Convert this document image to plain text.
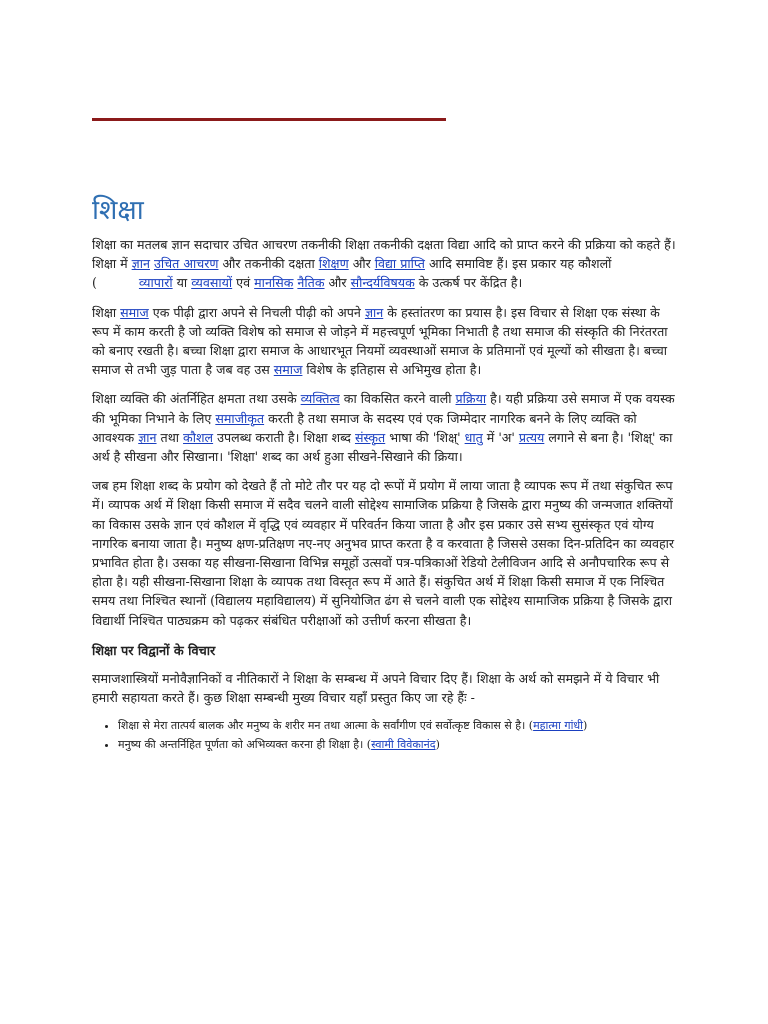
शिक्षा

शिक्षा का मतलब ज्ञान सदाचार उचित आचरण तकनीकी शिक्षा तकनीकी दक्षता विद्या आदि को प्राप्त करने की प्रक्रिया को कहते हैं। शिक्षा में ज्ञान उचित आचरण और तकनीकी दक्षता शिक्षण और विद्या प्राप्ति आदि समाविष्ट हैं। इस प्रकार यह कौशलों
(	व्यापारों या व्यवसायों एवं मानसिक नैतिक और सौन्दर्यविषयक के उत्कर्ष पर केंद्रित है।

शिक्षा समाज एक पीढ़ी द्वारा अपने से निचली पीढ़ी को अपने ज्ञान के हस्तांतरण का प्रयास है। इस विचार से शिक्षा एक संस्था के रूप में काम करती है जो व्यक्ति विशेष को समाज से जोड़ने में महत्त्वपूर्ण भूमिका निभाती है तथा समाज की संस्कृति की निरंतरता को बनाए रखती है। बच्चा शिक्षा द्वारा समाज के आधारभूत नियमों व्यवस्थाओं समाज के प्रतिमानों एवं मूल्यों को सीखता है। बच्चा समाज से तभी जुड़ पाता है जब वह उस समाज विशेष के इतिहास से अभिमुख होता है।

शिक्षा व्यक्ति की अंतर्निहित क्षमता तथा उसके व्यक्तित्व का विकसित करने वाली प्रक्रिया है। यही प्रक्रिया उसे समाज में एक वयस्क की भूमिका निभाने के लिए समाजीकृत करती है तथा समाज के सदस्य एवं एक जिम्मेदार नागरिक बनने के लिए व्यक्ति को आवश्यक ज्ञान तथा कौशल उपलब्ध कराती है। शिक्षा शब्द संस्कृत भाषा की 'शिक्ष्' धातु में 'अ' प्रत्यय लगाने से बना है। 'शिक्ष्' का अर्थ है सीखना और सिखाना। 'शिक्षा' शब्द का अर्थ हुआ सीखने-सिखाने की क्रिया।

जब हम शिक्षा शब्द के प्रयोग को देखते हैं तो मोटे तौर पर यह दो रूपों में प्रयोग में लाया जाता है व्यापक रूप में तथा संकुचित रूप में। व्यापक अर्थ में शिक्षा किसी समाज में सदैव चलने वाली सोद्देश्य सामाजिक प्रक्रिया है जिसके द्वारा मनुष्य की जन्मजात शक्तियों का विकास उसके ज्ञान एवं कौशल में वृद्धि एवं व्यवहार में परिवर्तन किया जाता है और इस प्रकार उसे सभ्य सुसंस्कृत एवं योग्य नागरिक बनाया जाता है। मनुष्य क्षण-प्रतिक्षण नए-नए अनुभव प्राप्त करता है व करवाता है जिससे उसका दिन-प्रतिदिन का व्यवहार प्रभावित होता है। उसका यह सीखना-सिखाना विभिन्न समूहों उत्सवों पत्र-पत्रिकाओं रेडियो टेलीविजन आदि से अनौपचारिक रूप से होता है। यही सीखना-सिखाना शिक्षा के व्यापक तथा विस्तृत रूप में आते हैं। संकुचित अर्थ में शिक्षा किसी समाज में एक निश्चित समय तथा निश्चित स्थानों (विद्यालय महाविद्यालय) में सुनियोजित ढंग से चलने वाली एक सोद्देश्य सामाजिक प्रक्रिया है जिसके द्वारा विद्यार्थी निश्चित पाठ्यक्रम को पढ़कर संबंधित परीक्षाओं को उत्तीर्ण करना सीखता है।

शिक्षा पर विद्वानों के विचार

समाजशास्त्रियों मनोवैज्ञानिकों व नीतिकारों ने शिक्षा के सम्बन्ध में अपने विचार दिए हैं। शिक्षा के अर्थ को समझने में ये विचार भी हमारी सहायता करते हैं। कुछ शिक्षा सम्बन्धी मुख्य विचार यहाँ प्रस्तुत किए जा रहे हैंः -

• शिक्षा से मेरा तात्पर्य बालक और मनुष्य के शरीर मन तथा आत्मा के सर्वांगीण एवं सर्वोत्कृष्ट विकास से है। (महात्मा गांधी)
• मनुष्य की अन्तर्निहित पूर्णता को अभिव्यक्त करना ही शिक्षा है। (स्वामी विवेकानंद)
